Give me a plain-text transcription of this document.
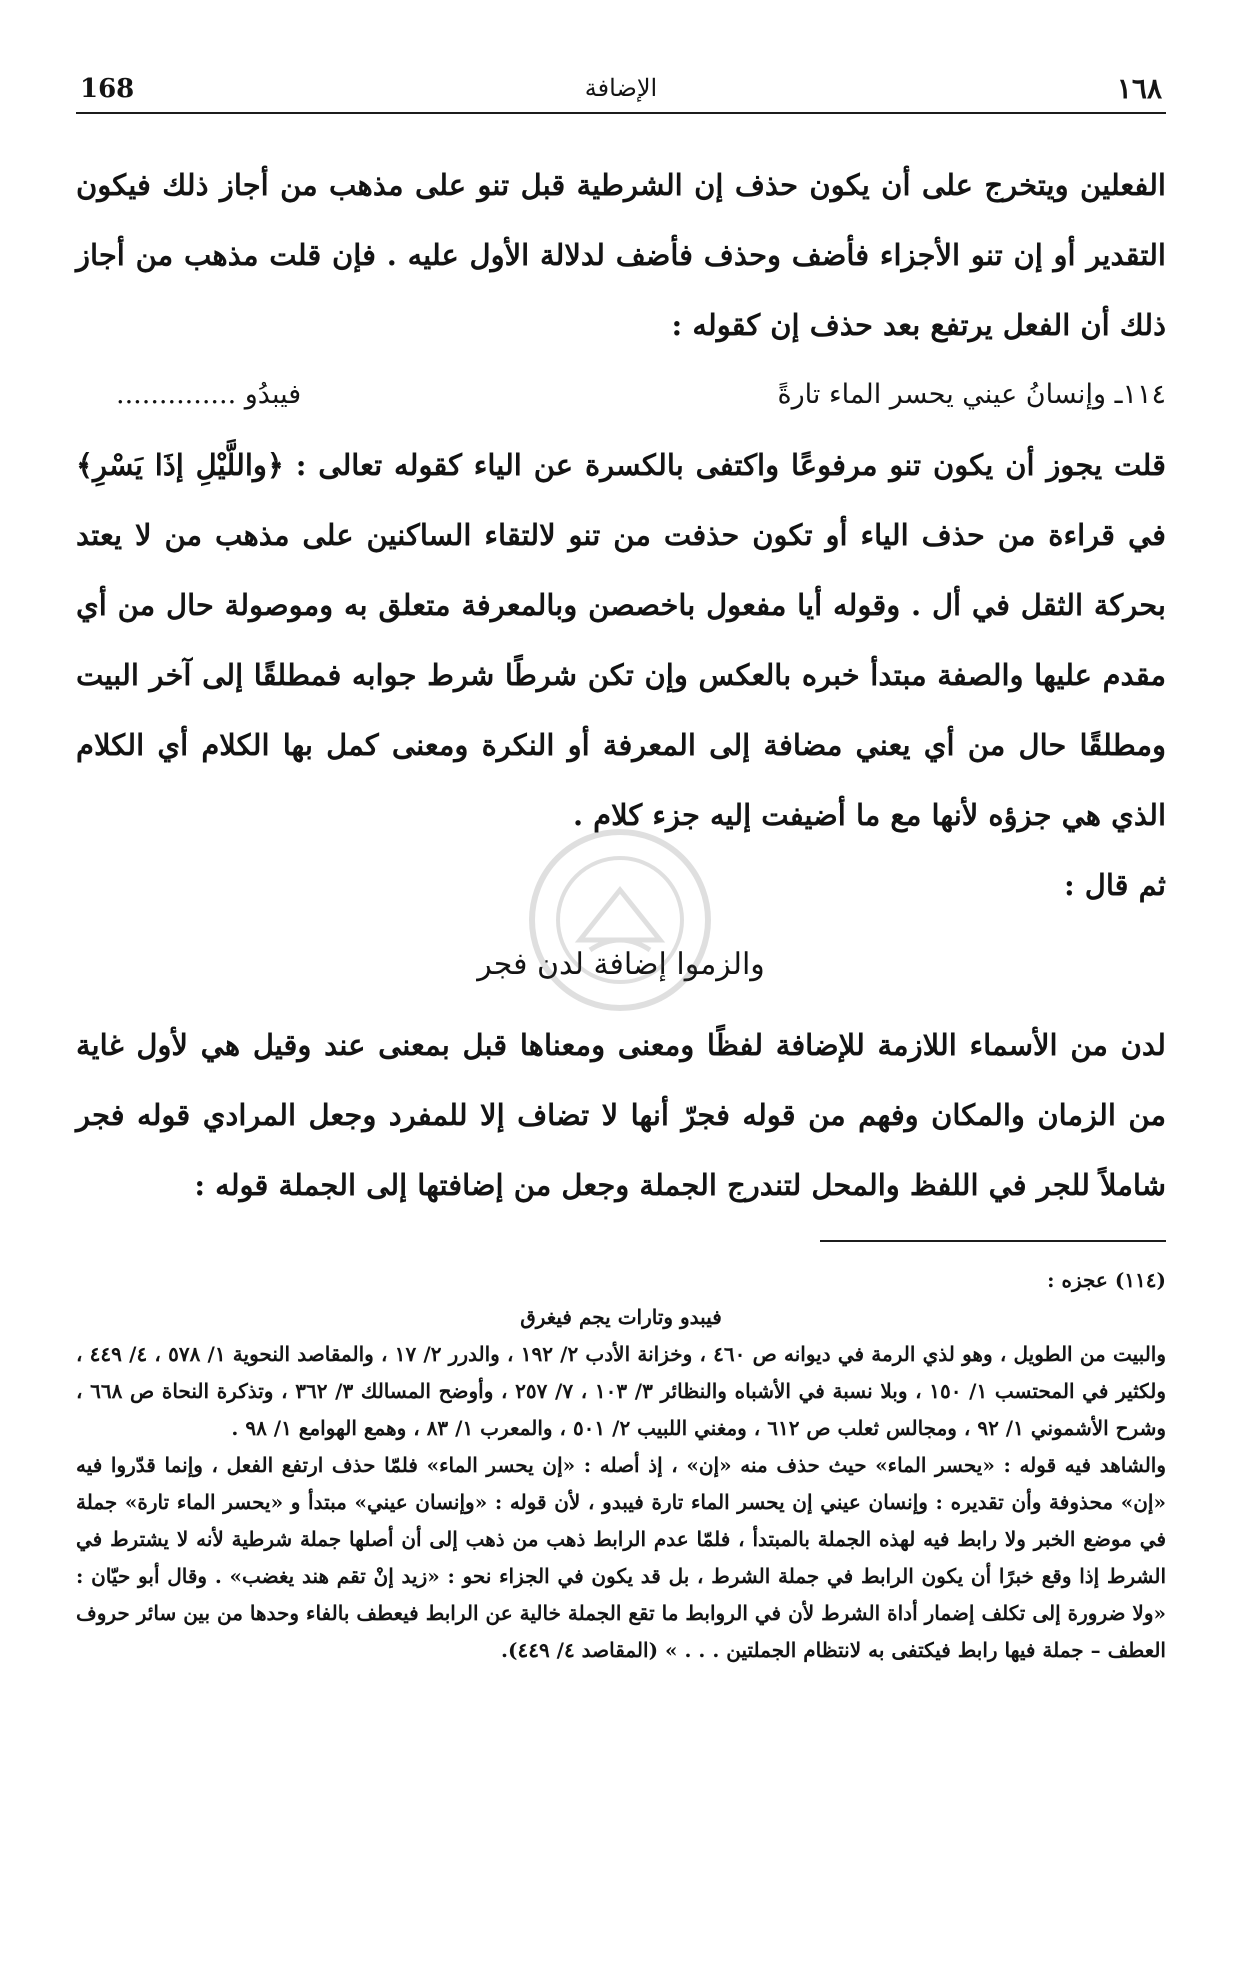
168	الإضافة	١٦٨

الفعلين ويتخرج على أن يكون حذف إن الشرطية قبل تنو على مذهب من أجاز ذلك فيكون التقدير أو إن تنو الأجزاء فأضف وحذف فأضف لدلالة الأول عليه . فإن قلت مذهب من أجاز ذلك أن الفعل يرتفع بعد حذف إن كقوله :

١١٤ـ وإنسانُ عيني يحسر الماء تارةً
فيبدُو ..............

قلت يجوز أن يكون تنو مرفوعًا واكتفى بالكسرة عن الياء كقوله تعالى : ﴿واللَّيْلِ إذَا يَسْرِ﴾ في قراءة من حذف الياء أو تكون حذفت من تنو لالتقاء الساكنين على مذهب من لا يعتد بحركة الثقل في أل . وقوله أيا مفعول باخصصن وبالمعرفة متعلق به وموصولة حال من أي مقدم عليها والصفة مبتدأ خبره بالعكس وإن تكن شرطًا شرط جوابه فمطلقًا إلى آخر البيت ومطلقًا حال من أي يعني مضافة إلى المعرفة أو النكرة ومعنى كمل بها الكلام أي الكلام الذي هي جزؤه لأنها مع ما أضيفت إليه جزء كلام .

ثم قال :

والزموا إضافة لدن فجر

لدن من الأسماء اللازمة للإضافة لفظًا ومعنى ومعناها قبل بمعنى عند وقيل هي لأول غاية من الزمان والمكان وفهم من قوله فجرّ أنها لا تضاف إلا للمفرد وجعل المرادي قوله فجر شاملاً للجر في اللفظ والمحل لتندرج الجملة وجعل من إضافتها إلى الجملة قوله :

(١١٤) عجزه :

فيبدو وتارات يجم فيغرق

والبيت من الطويل ، وهو لذي الرمة في ديوانه ص ٤٦٠ ، وخزانة الأدب ٢/ ١٩٢ ، والدرر ٢/ ١٧ ، والمقاصد النحوية ١/ ٥٧٨ ، ٤/ ٤٤٩ ، ولكثير في المحتسب ١/ ١٥٠ ، وبلا نسبة في الأشباه والنظائر ٣/ ١٠٣ ، ٧/ ٢٥٧ ، وأوضح المسالك ٣/ ٣٦٢ ، وتذكرة النحاة ص ٦٦٨ ، وشرح الأشموني ١/ ٩٢ ، ومجالس ثعلب ص ٦١٢ ، ومغني اللبيب ٢/ ٥٠١ ، والمعرب ١/ ٨٣ ، وهمع الهوامع ١/ ٩٨ .

والشاهد فيه قوله : «يحسر الماء» حيث حذف منه «إن» ، إذ أصله : «إن يحسر الماء» فلمّا حذف ارتفع الفعل ، وإنما قدّروا فيه «إن» محذوفة وأن تقديره : وإنسان عيني إن يحسر الماء تارة فيبدو ، لأن قوله : «وإنسان عيني» مبتدأ و «يحسر الماء تارة» جملة في موضع الخبر ولا رابط فيه لهذه الجملة بالمبتدأ ، فلمّا عدم الرابط ذهب من ذهب إلى أن أصلها جملة شرطية لأنه لا يشترط في الشرط إذا وقع خبرًا أن يكون الرابط في جملة الشرط ، بل قد يكون في الجزاء نحو : «زيد إنْ تقم هند يغضب» . وقال أبو حيّان : «ولا ضرورة إلى تكلف إضمار أداة الشرط لأن في الروابط ما تقع الجملة خالية عن الرابط فيعطف بالفاء وحدها من بين سائر حروف العطف – جملة فيها رابط فيكتفى به لانتظام الجملتين . . . » (المقاصد ٤/ ٤٤٩).
